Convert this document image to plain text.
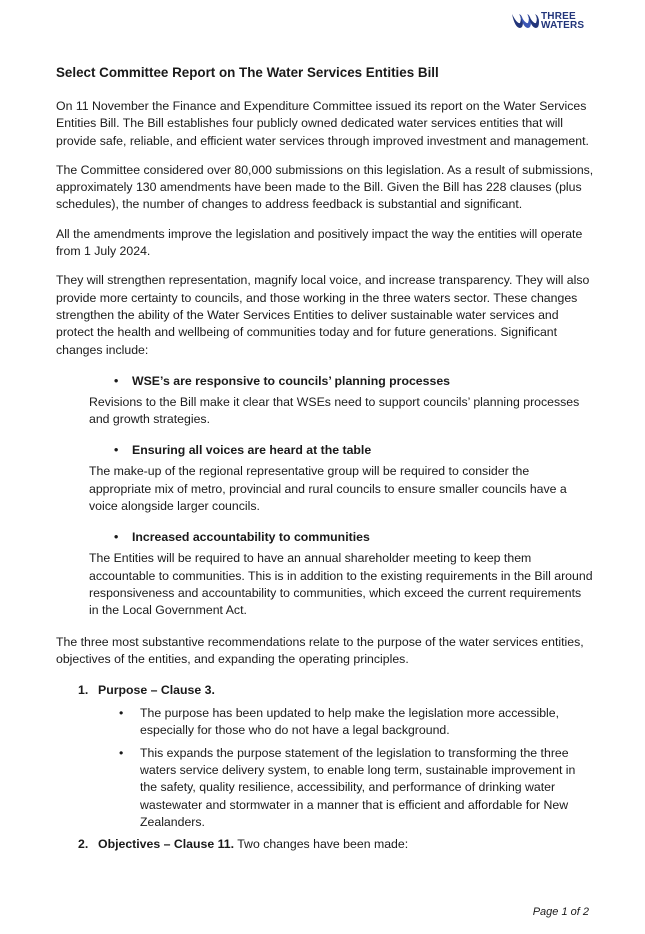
THREE
WATERS
Select Committee Report on The Water Services Entities Bill

On 11 November the Finance and Expenditure Committee issued its report on the Water Services Entities Bill. The Bill establishes four publicly owned dedicated water services entities that will provide safe, reliable, and efficient water services through improved investment and management.

The Committee considered over 80,000 submissions on this legislation. As a result of submissions, approximately 130 amendments have been made to the Bill. Given the Bill has 228 clauses (plus schedules), the number of changes to address feedback is substantial and significant.

All the amendments improve the legislation and positively impact the way the entities will operate from 1 July 2024.

They will strengthen representation, magnify local voice, and increase transparency. They will also provide more certainty to councils, and those working in the three waters sector. These changes strengthen the ability of the Water Services Entities to deliver sustainable water services and protect the health and wellbeing of communities today and for future generations. Significant changes include:

•	WSE’s are responsive to councils’ planning processes

Revisions to the Bill make it clear that WSEs need to support councils’ planning processes and growth strategies.

•	Ensuring all voices are heard at the table

The make-up of the regional representative group will be required to consider the appropriate mix of metro, provincial and rural councils to ensure smaller councils have a voice alongside larger councils.

•	Increased accountability to communities

The Entities will be required to have an annual shareholder meeting to keep them accountable to communities. This is in addition to the existing requirements in the Bill around responsiveness and accountability to communities, which exceed the current requirements in the Local Government Act.

The three most substantive recommendations relate to the purpose of the water services entities, objectives of the entities, and expanding the operating principles.

1. Purpose – Clause 3.
•	The purpose has been updated to help make the legislation more accessible, especially for those who do not have a legal background.
•	This expands the purpose statement of the legislation to transforming the three waters service delivery system, to enable long term, sustainable improvement in the safety, quality resilience, accessibility, and performance of drinking water wastewater and stormwater in a manner that is efficient and affordable for New Zealanders.
2. Objectives – Clause 11. Two changes have been made:
Page 1 of 2
